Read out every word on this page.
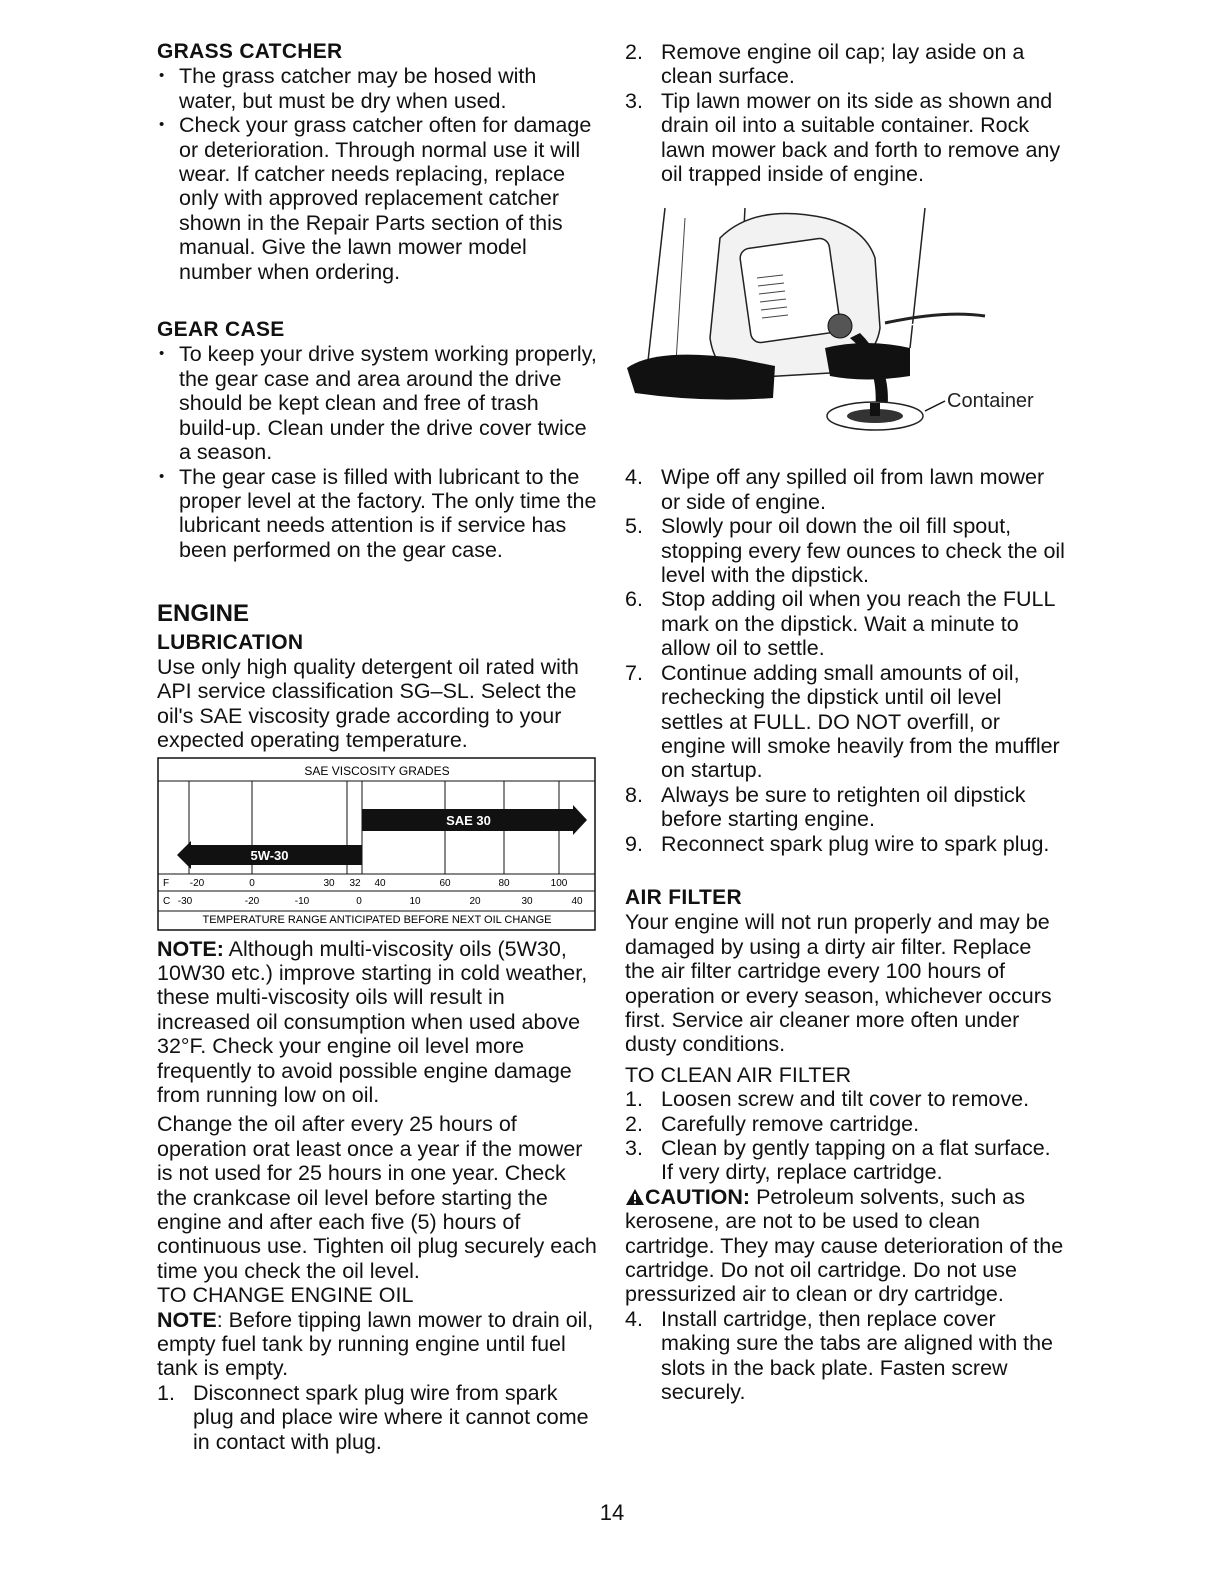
GRASS CATCHER
• The grass catcher may be hosed with water, but must be dry when used.
• Check your grass catcher often for damage or deterioration. Through normal use it will wear. If catcher needs replacing, replace only with approved replacement catcher shown in the Repair Parts section of this manual. Give the lawn mower model number when ordering.
GEAR CASE
• To keep your drive system working properly, the gear case and area around the drive should be kept clean and free of trash build-up. Clean under the drive cover twice a season.
• The gear case is filled with lubricant to the proper level at the factory. The only time the lubricant needs attention is if service has been performed on the gear case.
ENGINE
LUBRICATION

Use only high quality detergent oil rated with API service classification SG–SL. Select the oil's SAE viscosity grade according to your expected operating temperature.

SAE VISCOSITY GRADES
5W-30
SAE 30
F
C
-20	0	30 32 40	60	80	100
-30	-20	-10	0	10	20	30	40
TEMPERATURE RANGE ANTICIPATED BEFORE NEXT OIL CHANGE

NOTE: Although multi-viscosity oils (5W30, 10W30 etc.) improve starting in cold weather, these multi-viscosity oils will result in increased oil consumption when used above 32°F. Check your engine oil level more frequently to avoid possible engine damage from running low on oil.

Change the oil after every 25 hours of operation orat least once a year if the mower is not used for 25 hours in one year. Check the crankcase oil level before starting the engine and after each five (5) hours of continuous use. Tighten oil plug securely each time you check the oil level.

TO CHANGE ENGINE OIL

NOTE: Before tipping lawn mower to drain oil, empty fuel tank by running engine until fuel tank is empty.

1. Disconnect spark plug wire from spark plug and place wire where it cannot come in contact with plug.
2. Remove engine oil cap; lay aside on a clean surface.
3. Tip lawn mower on its side as shown and drain oil into a suitable container. Rock lawn mower back and forth to remove any oil trapped inside of engine.
Container
4. Wipe off any spilled oil from lawn mower or side of engine.
5. Slowly pour oil down the oil fill spout, stopping every few ounces to check the oil level with the dipstick.
6. Stop adding oil when you reach the FULL mark on the dipstick. Wait a minute to allow oil to settle.
7. Continue adding small amounts of oil, rechecking the dipstick until oil level settles at FULL. DO NOT overfill, or engine will smoke heavily from the muffler on startup.
8. Always be sure to retighten oil dipstick before starting engine.
9. Reconnect spark plug wire to spark plug.
AIR FILTER

Your engine will not run properly and may be damaged by using a dirty air filter. Replace the air filter cartridge every 100 hours of operation or every season, whichever occurs first. Service air cleaner more often under dusty conditions.

TO CLEAN AIR FILTER

1. Loosen screw and tilt cover to remove.
2. Carefully remove cartridge.
3. Clean by gently tapping on a flat surface. If very dirty, replace cartridge.

CAUTION: Petroleum solvents, such as kerosene, are not to be used to clean cartridge. They may cause deterioration of the cartridge. Do not oil cartridge. Do not use pressurized air to clean or dry cartridge.

4. Install cartridge, then replace cover making sure the tabs are aligned with the slots in the back plate. Fasten screw securely.
14
